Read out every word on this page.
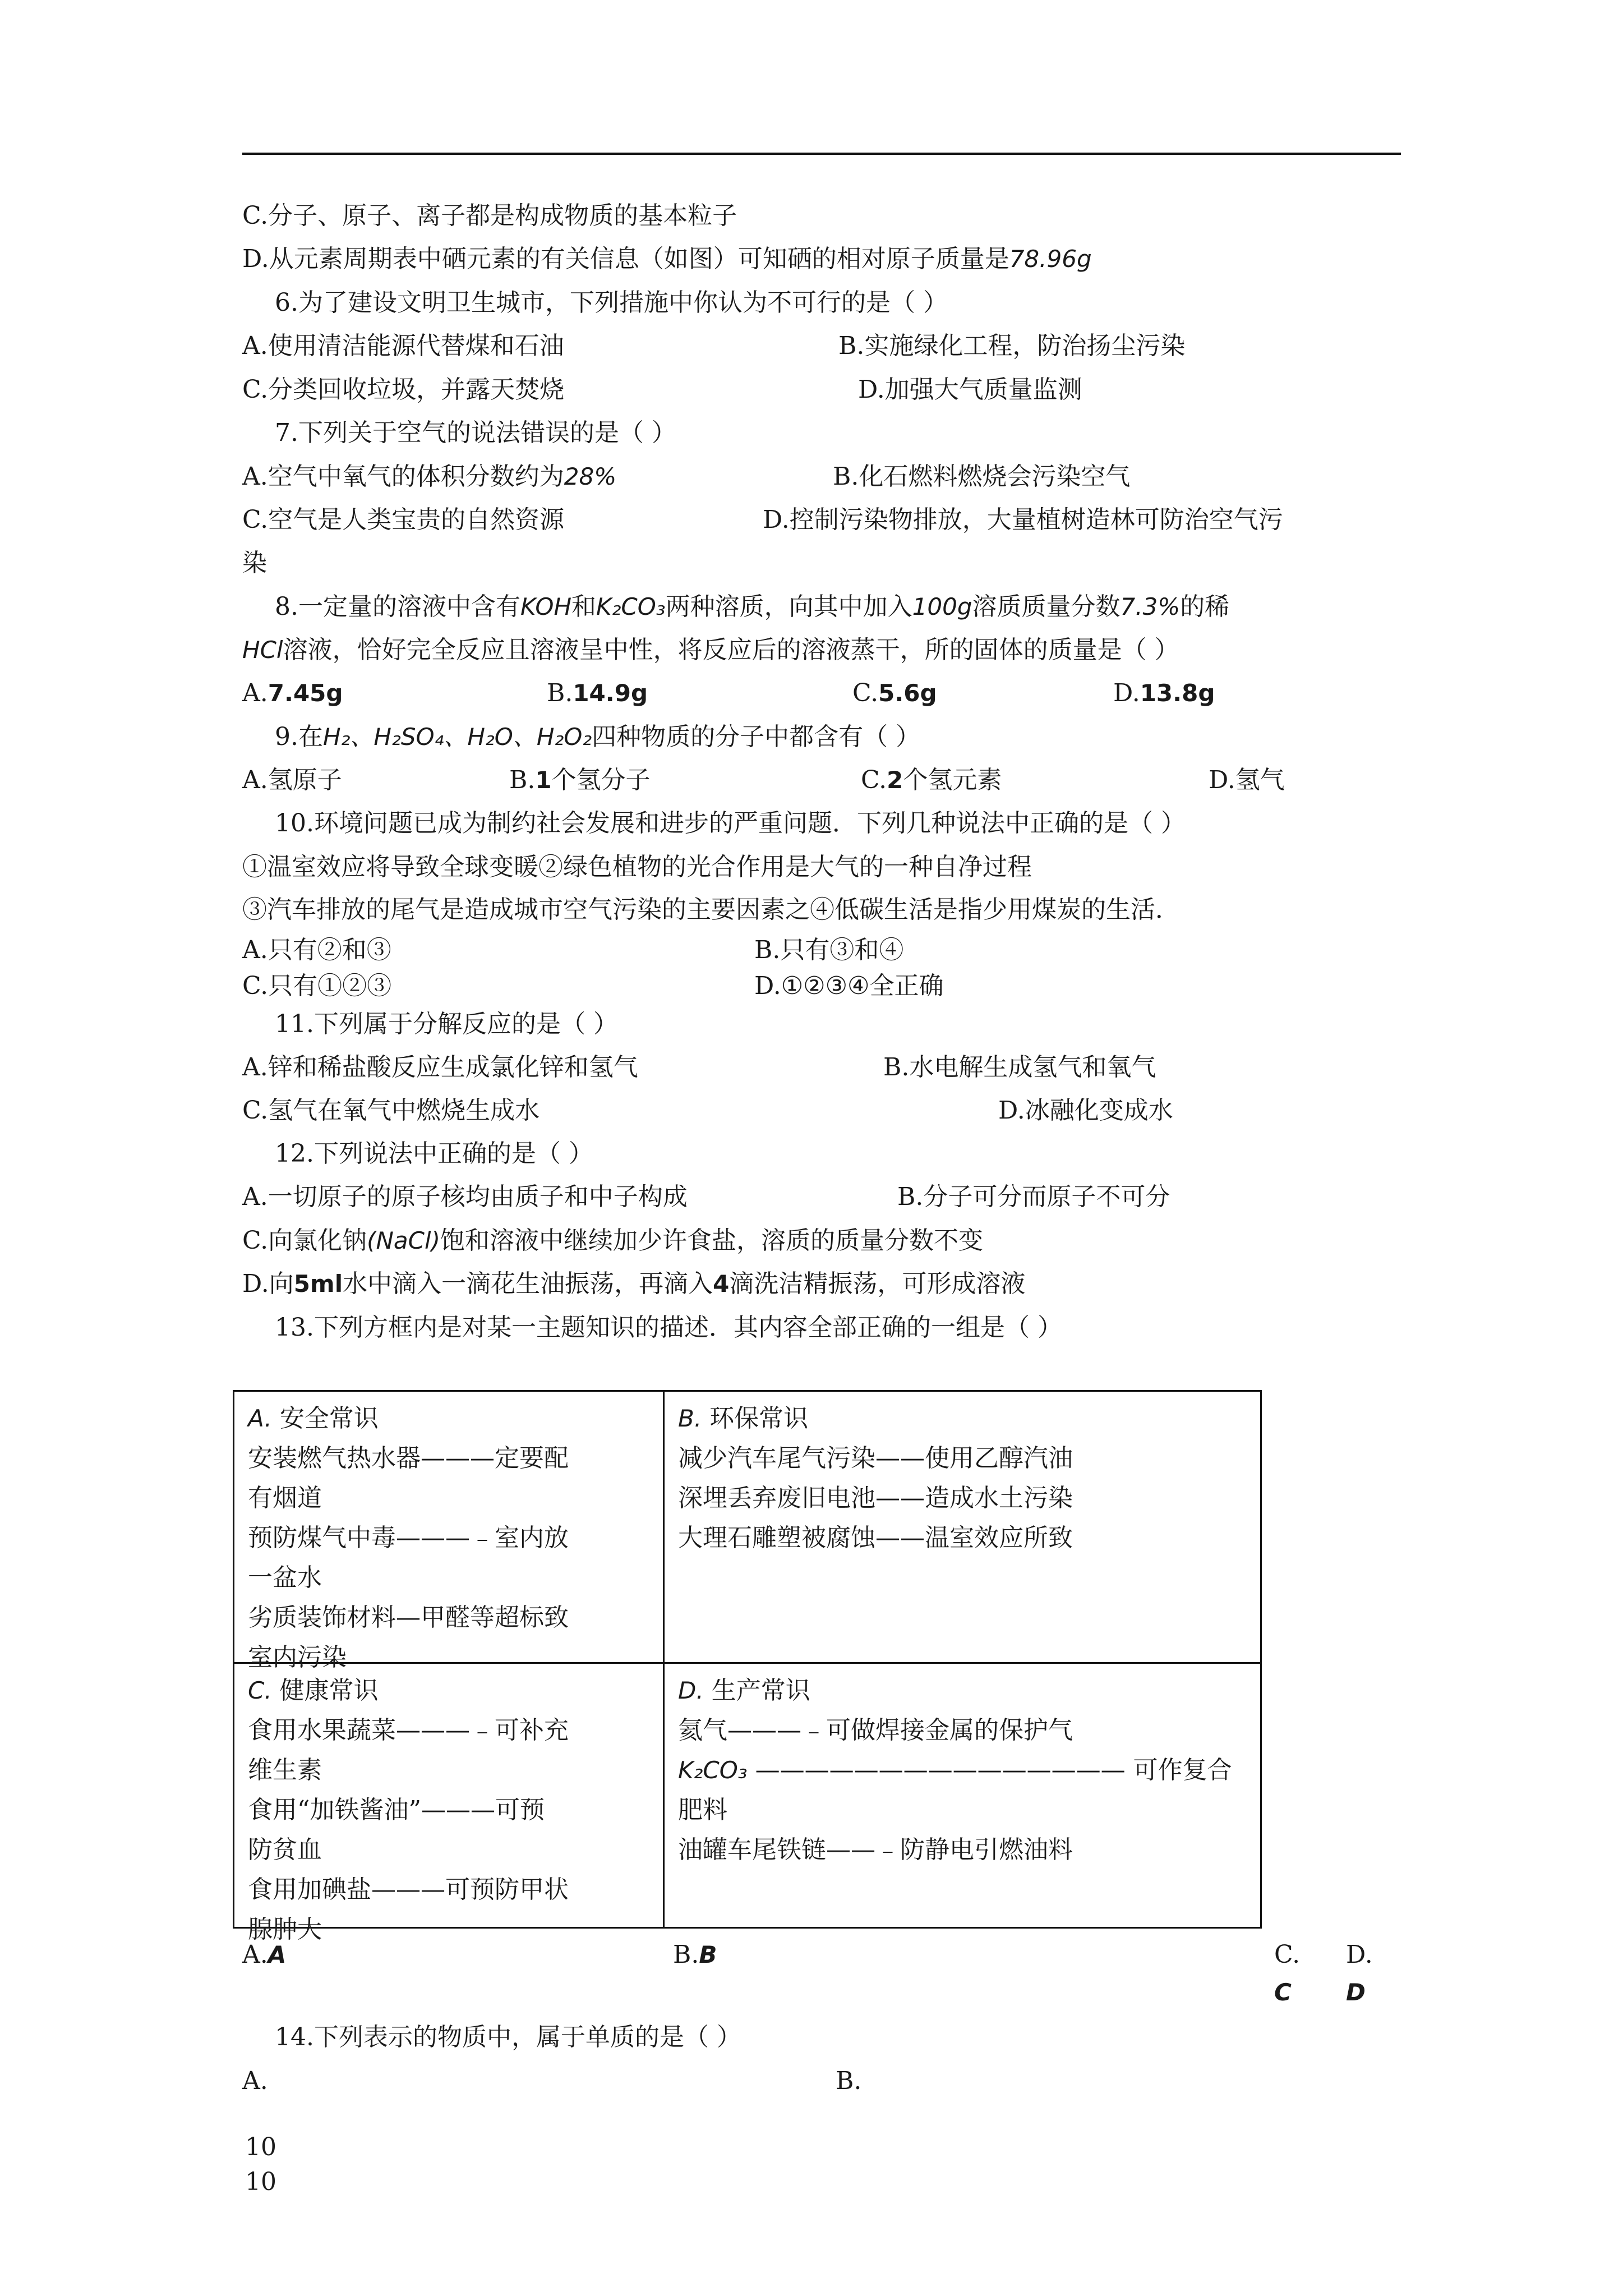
C.分子、原子、离子都是构成物质的基本粒子
D.从元素周期表中硒元素的有关信息（如图）可知硒的相对原子质量是78.96g
6.为了建设文明卫生城市，下列措施中你认为不可行的是（ ）
A.使用清洁能源代替煤和石油	B.实施绿化工程，防治扬尘污染
C.分类回收垃圾，并露天焚烧	D.加强大气质量监测
7.下列关于空气的说法错误的是（ ）
A.空气中氧气的体积分数约为28%	B.化石燃料燃烧会污染空气
C.空气是人类宝贵的自然资源	D.控制污染物排放，大量植树造林可防治空气污
染
8.一定量的溶液中含有KOH和K₂CO₃两种溶质，向其中加入100g溶质质量分数7.3%的稀
HCl溶液，恰好完全反应且溶液呈中性，将反应后的溶液蒸干，所的固体的质量是（ ）
A.7.45g	B.14.9g	C.5.6g	D.13.8g
9.在H₂、H₂SO₄、H₂O、H₂O₂四种物质的分子中都含有（ ）
A.氢原子	B.1个氢分子	C.2个氢元素	D.氢气
10.环境问题已成为制约社会发展和进步的严重问题．下列几种说法中正确的是（ ）
①温室效应将导致全球变暖②绿色植物的光合作用是大气的一种自净过程
③汽车排放的尾气是造成城市空气污染的主要因素之④低碳生活是指少用煤炭的生活．
A.只有②和③	B.只有③和④
C.只有①②③	D.①②③④全正确
11.下列属于分解反应的是（ ）
A.锌和稀盐酸反应生成氯化锌和氢气	B.水电解生成氢气和氧气
C.氢气在氧气中燃烧生成水	D.冰融化变成水
12.下列说法中正确的是（ ）
A.一切原子的原子核均由质子和中子构成	B.分子可分而原子不可分
C.向氯化钠(NaCl)饱和溶液中继续加少许食盐，溶质的质量分数不变
D.向5ml水中滴入一滴花生油振荡，再滴入4滴洗洁精振荡，可形成溶液
13.下列方框内是对某一主题知识的描述．其内容全部正确的一组是（ ）

A. 安全常识

安装燃气热水器———定要配

有烟道

预防煤气中毒———﹣室内放

一盆水

劣质装饰材料—甲醛等超标致

室内污染

B. 环保常识

减少汽车尾气污染——使用乙醇汽油

深埋丢弃废旧电池——造成水土污染

大理石雕塑被腐蚀——温室效应所致

C. 健康常识

食用水果蔬菜———﹣可补充

维生素

食用“加铁酱油”———可预

防贫血

食用加碘盐———可预防甲状

腺肿大

D. 生产常识

氦气———﹣可做焊接金属的保护气

K₂CO₃ ——————————————— 可作复合

肥料

油罐车尾铁链——﹣防静电引燃油料

A.A	B.B	C. D.
C D
14.下列表示的物质中，属于单质的是（ ）
A.	B.
10
10
